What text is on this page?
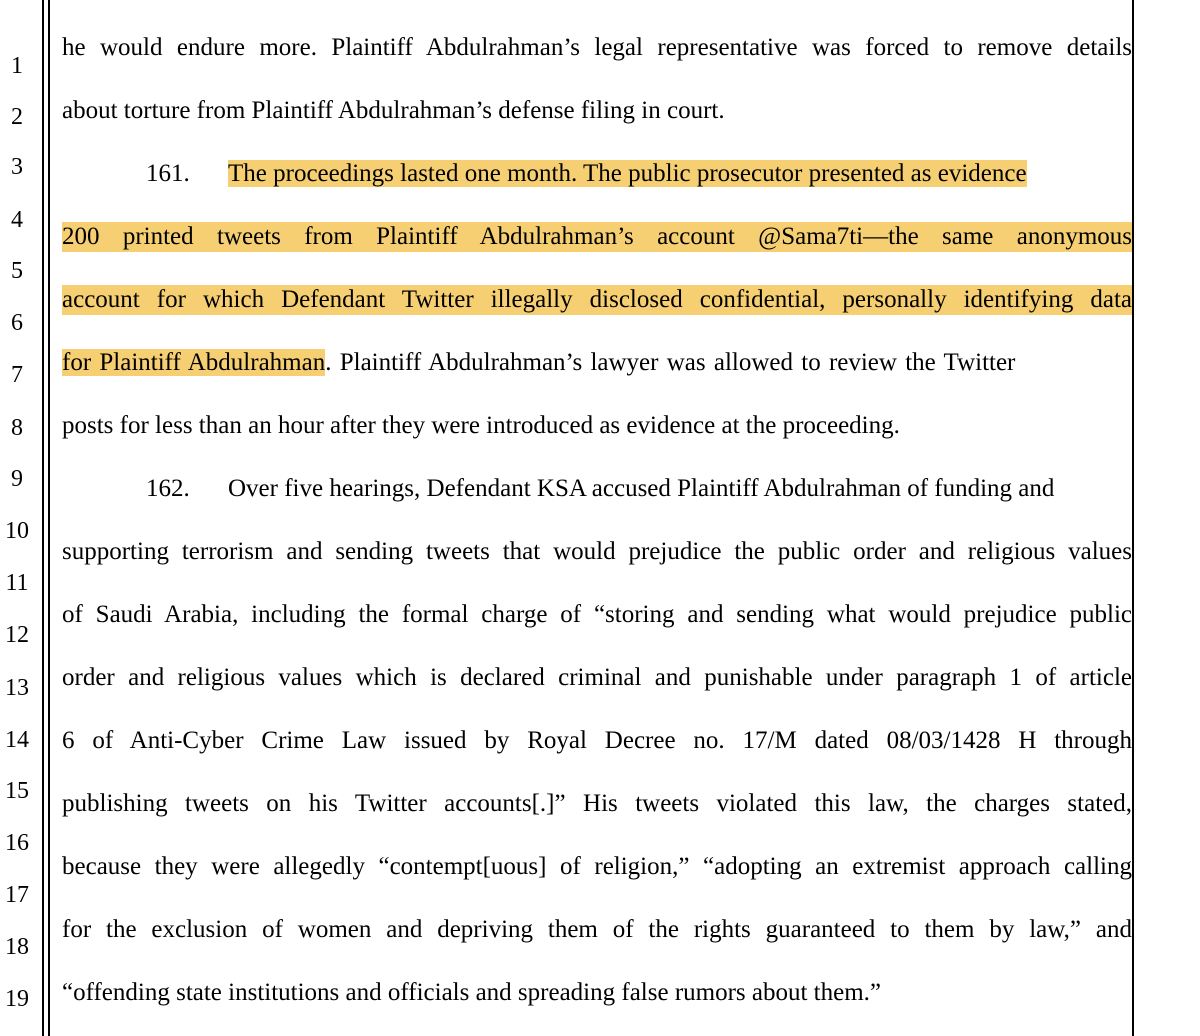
1
2
3
4
5
6
7
8
9
10
11
12
13
14
15
16
17
18
19
he would endure more. Plaintiff Abdulrahman’s legal representative was forced to remove details
about torture from Plaintiff Abdulrahman’s defense filing in court.
161. The proceedings lasted one month. The public prosecutor presented as evidence
200 printed tweets from Plaintiff Abdulrahman’s account @Sama7ti—the same anonymous
account for which Defendant Twitter illegally disclosed confidential, personally identifying data
for Plaintiff Abdulrahman. Plaintiff Abdulrahman’s lawyer was allowed to review the Twitter
posts for less than an hour after they were introduced as evidence at the proceeding.
162. Over five hearings, Defendant KSA accused Plaintiff Abdulrahman of funding and
supporting terrorism and sending tweets that would prejudice the public order and religious values
of Saudi Arabia, including the formal charge of “storing and sending what would prejudice public
order and religious values which is declared criminal and punishable under paragraph 1 of article
6 of Anti-Cyber Crime Law issued by Royal Decree no. 17/M dated 08/03/1428 H through
publishing tweets on his Twitter accounts[.]” His tweets violated this law, the charges stated,
because they were allegedly “contempt[uous] of religion,” “adopting an extremist approach calling
for the exclusion of women and depriving them of the rights guaranteed to them by law,” and
“offending state institutions and officials and spreading false rumors about them.”
